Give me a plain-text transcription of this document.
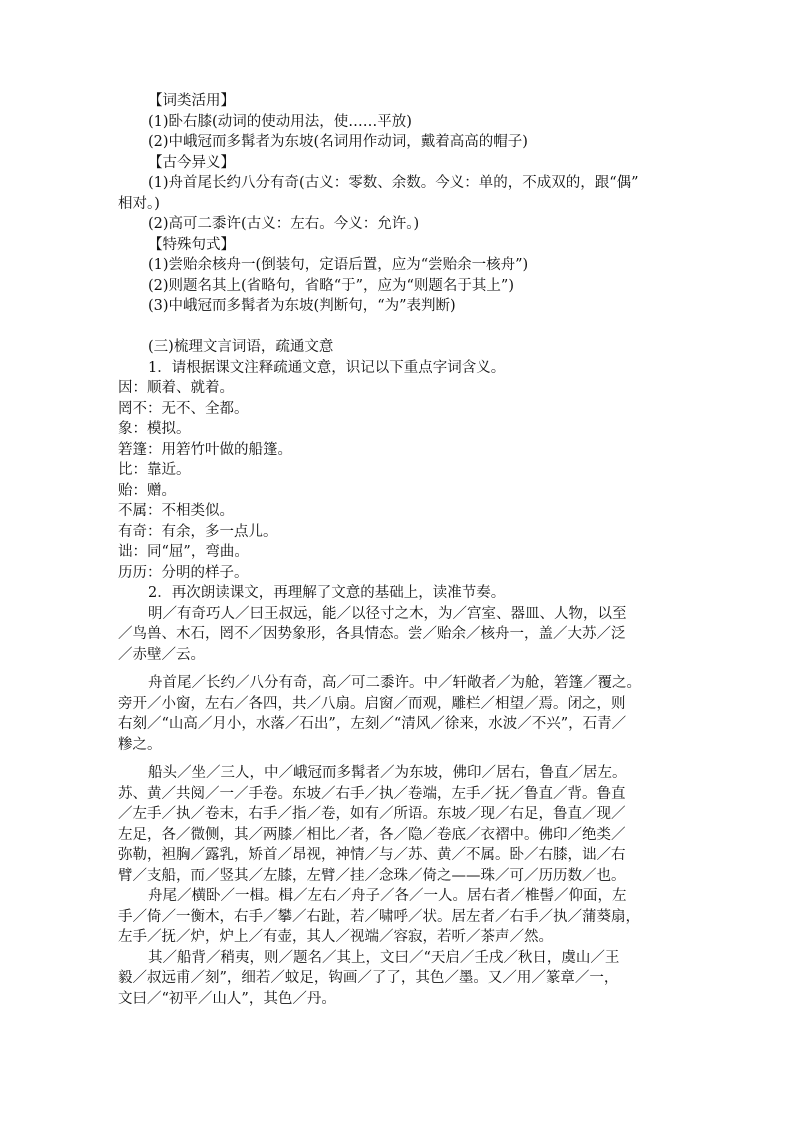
【词类活用】
(1)卧右膝(动词的使动用法，使……平放)
(2)中峨冠而多髯者为东坡(名词用作动词，戴着高高的帽子)
【古今异义】
(1)舟首尾长约八分有奇(古义：零数、余数。今义：单的，不成双的，跟“偶”
相对。)
(2)高可二黍许(古义：左右。今义：允许。)
【特殊句式】
(1)尝贻余核舟一(倒装句，定语后置，应为“尝贻余一核舟”)
(2)则题名其上(省略句，省略“于”，应为“则题名于其上”)
(3)中峨冠而多髯者为东坡(判断句，“为”表判断)
(三)梳理文言词语，疏通文意
1．请根据课文注释疏通文意，识记以下重点字词含义。
因：顺着、就着。
罔不：无不、全都。
象：模拟。
箬篷：用箬竹叶做的船篷。
比：靠近。
贻：赠。
不属：不相类似。
有奇：有余，多一点儿。
诎：同“屈”，弯曲。
历历：分明的样子。
2．再次朗读课文，再理解了文意的基础上，读准节奏。
明／有奇巧人／曰王叔远，能／以径寸之木，为／宫室、器皿、人物，以至
／鸟兽、木石，罔不／因势象形，各具情态。尝／贻余／核舟一，盖／大苏／泛
／赤壁／云。
舟首尾／长约／八分有奇，高／可二黍许。中／轩敞者／为舱，箬篷／覆之。
旁开／小窗，左右／各四，共／八扇。启窗／而观，雕栏／相望／焉。闭之，则
右刻／“山高／月小，水落／石出”，左刻／“清风／徐来，水波／不兴”，石青／
糁之。
船头／坐／三人，中／峨冠而多髯者／为东坡，佛印／居右，鲁直／居左。
苏、黄／共阅／一／手卷。东坡／右手／执／卷端，左手／抚／鲁直／背。鲁直
／左手／执／卷末，右手／指／卷，如有／所语。东坡／现／右足，鲁直／现／
左足，各／微侧，其／两膝／相比／者，各／隐／卷底／衣褶中。佛印／绝类／
弥勒，袒胸／露乳，矫首／昂视，神情／与／苏、黄／不属。卧／右膝，诎／右
臂／支船，而／竖其／左膝，左臂／挂／念珠／倚之——珠／可／历历数／也。
舟尾／横卧／一楫。楫／左右／舟子／各／一人。居右者／椎髻／仰面，左
手／倚／一衡木，右手／攀／右趾，若／啸呼／状。居左者／右手／执／蒲葵扇，
左手／抚／炉，炉上／有壶，其人／视端／容寂，若听／茶声／然。
其／船背／稍夷，则／题名／其上，文曰／“天启／壬戌／秋日，虞山／王
毅／叔远甫／刻”，细若／蚊足，钩画／了了，其色／墨。又／用／篆章／一，
文曰／“初平／山人”，其色／丹。
